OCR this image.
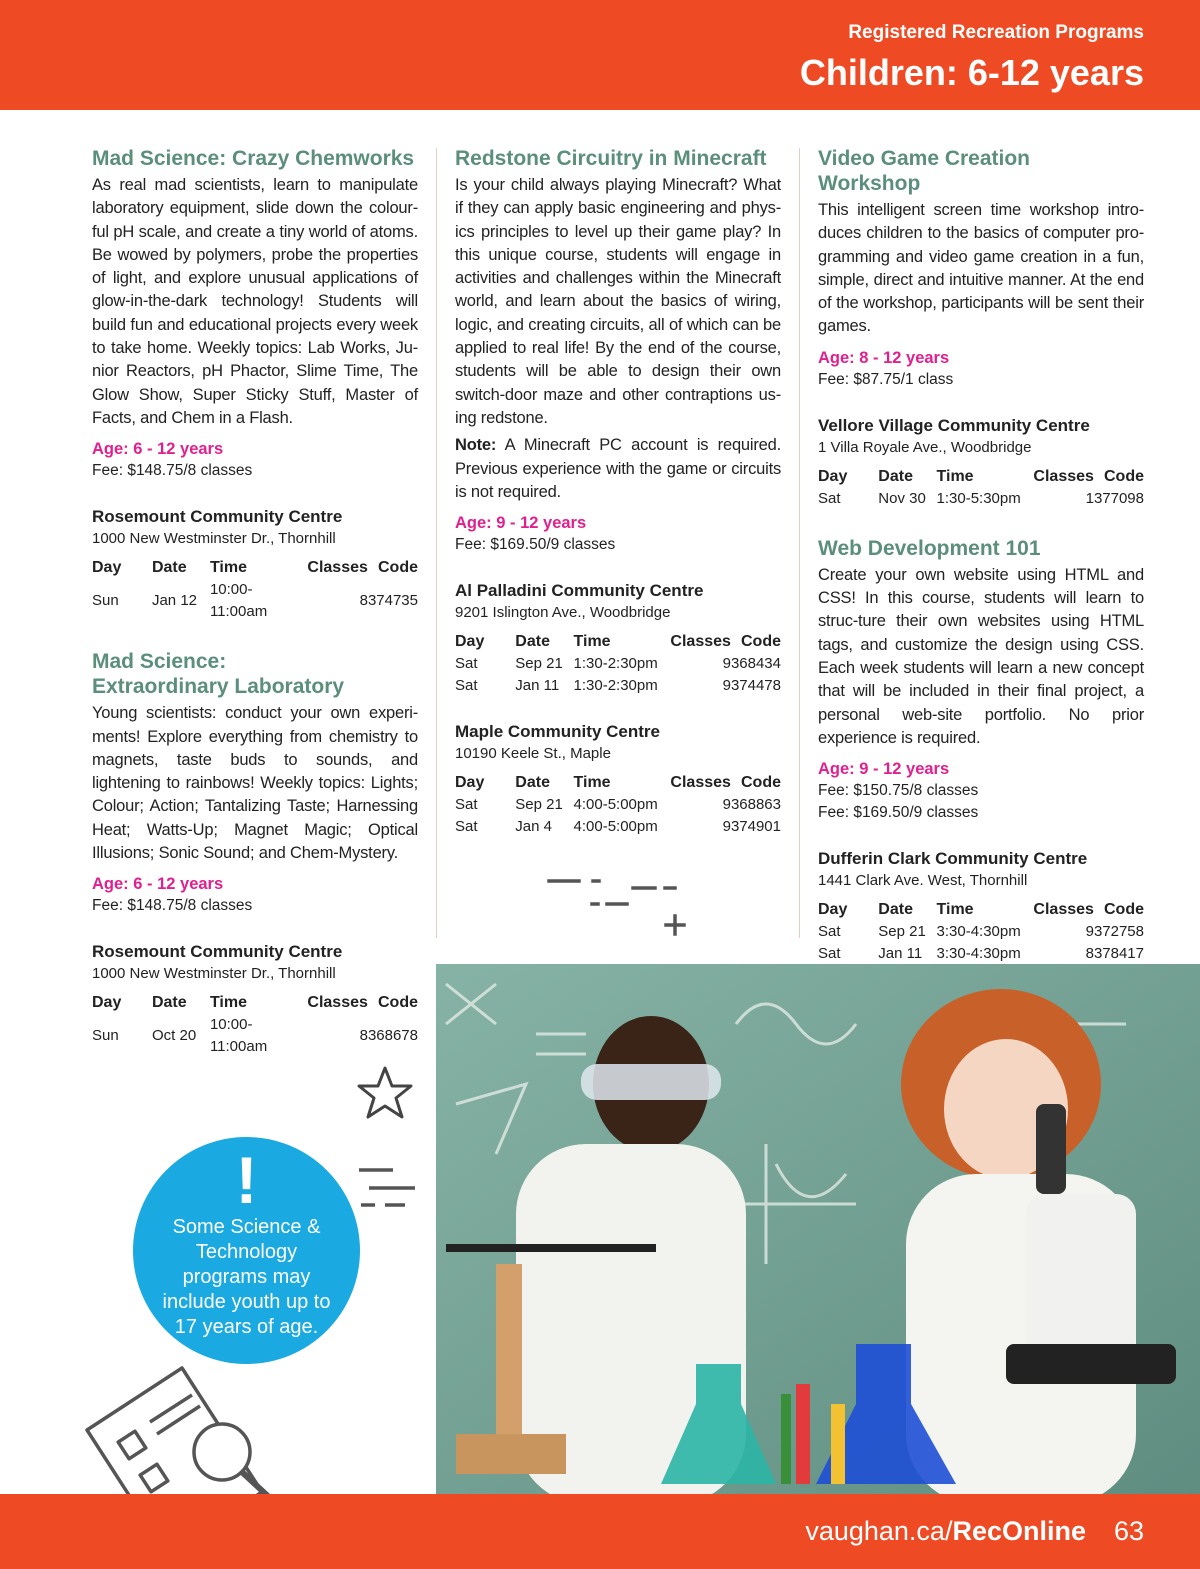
Registered Recreation Programs
Children: 6-12 years
Mad Science: Crazy Chemworks

As real mad scientists, learn to manipulate laboratory equipment, slide down the colour-ful pH scale, and create a tiny world of atoms. Be wowed by polymers, probe the properties of light, and explore unusual applications of glow-in-the-dark technology! Students will build fun and educational projects every week to take home. Weekly topics: Lab Works, Ju-nior Reactors, pH Phactor, Slime Time, The Glow Show, Super Sticky Stuff, Master of Facts, and Chem in a Flash.

Age: 6 - 12 years
Fee: $148.75/8 classes
Rosemount Community Centre
1000 New Westminster Dr., Thornhill
Day	Date	Time	Classes	Code
Sun	Jan 12	10:00-11:00am	8	374735
Mad Science:
Extraordinary Laboratory

Young scientists: conduct your own experi-ments! Explore everything from chemistry to magnets, taste buds to sounds, and lightening to rainbows! Weekly topics: Lights; Colour; Action; Tantalizing Taste; Harnessing Heat; Watts-Up; Magnet Magic; Optical Illusions; Sonic Sound; and Chem-Mystery.

Age: 6 - 12 years
Fee: $148.75/8 classes
Rosemount Community Centre
1000 New Westminster Dr., Thornhill
Day	Date	Time	Classes	Code
Sun	Oct 20	10:00-11:00am	8	368678
Redstone Circuitry in Minecraft

Is your child always playing Minecraft? What if they can apply basic engineering and phys-ics principles to level up their game play? In this unique course, students will engage in activities and challenges within the Minecraft world, and learn about the basics of wiring, logic, and creating circuits, all of which can be applied to real life! By the end of the course, students will be able to design their own switch-door maze and other contraptions us-ing redstone.

Note: A Minecraft PC account is required. Previous experience with the game or circuits is not required.

Age: 9 - 12 years
Fee: $169.50/9 classes
Al Palladini Community Centre
9201 Islington Ave., Woodbridge
Day	Date	Time	Classes	Code
Sat	Sep 21	1:30-2:30pm	9	368434
Sat	Jan 11	1:30-2:30pm	9	374478
Maple Community Centre
10190 Keele St., Maple
Day	Date	Time	Classes	Code
Sat	Sep 21	4:00-5:00pm	9	368863
Sat	Jan 4	4:00-5:00pm	9	374901
Video Game Creation
Workshop

This intelligent screen time workshop intro-duces children to the basics of computer pro-gramming and video game creation in a fun, simple, direct and intuitive manner. At the end of the workshop, participants will be sent their games.

Age: 8 - 12 years
Fee: $87.75/1 class
Vellore Village Community Centre
1 Villa Royale Ave., Woodbridge
Day	Date	Time	Classes	Code
Sat	Nov 30	1:30-5:30pm	1	377098
Web Development 101

Create your own website using HTML and CSS! In this course, students will learn to struc-ture their own websites using HTML tags, and customize the design using CSS. Each week students will learn a new concept that will be included in their final project, a personal web-site portfolio. No prior experience is required.

Age: 9 - 12 years
Fee: $150.75/8 classes
Fee: $169.50/9 classes
Dufferin Clark Community Centre
1441 Clark Ave. West, Thornhill
Day	Date	Time	Classes	Code
Sat	Sep 21	3:30-4:30pm	9	372758
Sat	Jan 11	3:30-4:30pm	8	378417
!
Some Science & Technology programs may include youth up to 17 years of age.
vaughan.ca/RecOnline 63
